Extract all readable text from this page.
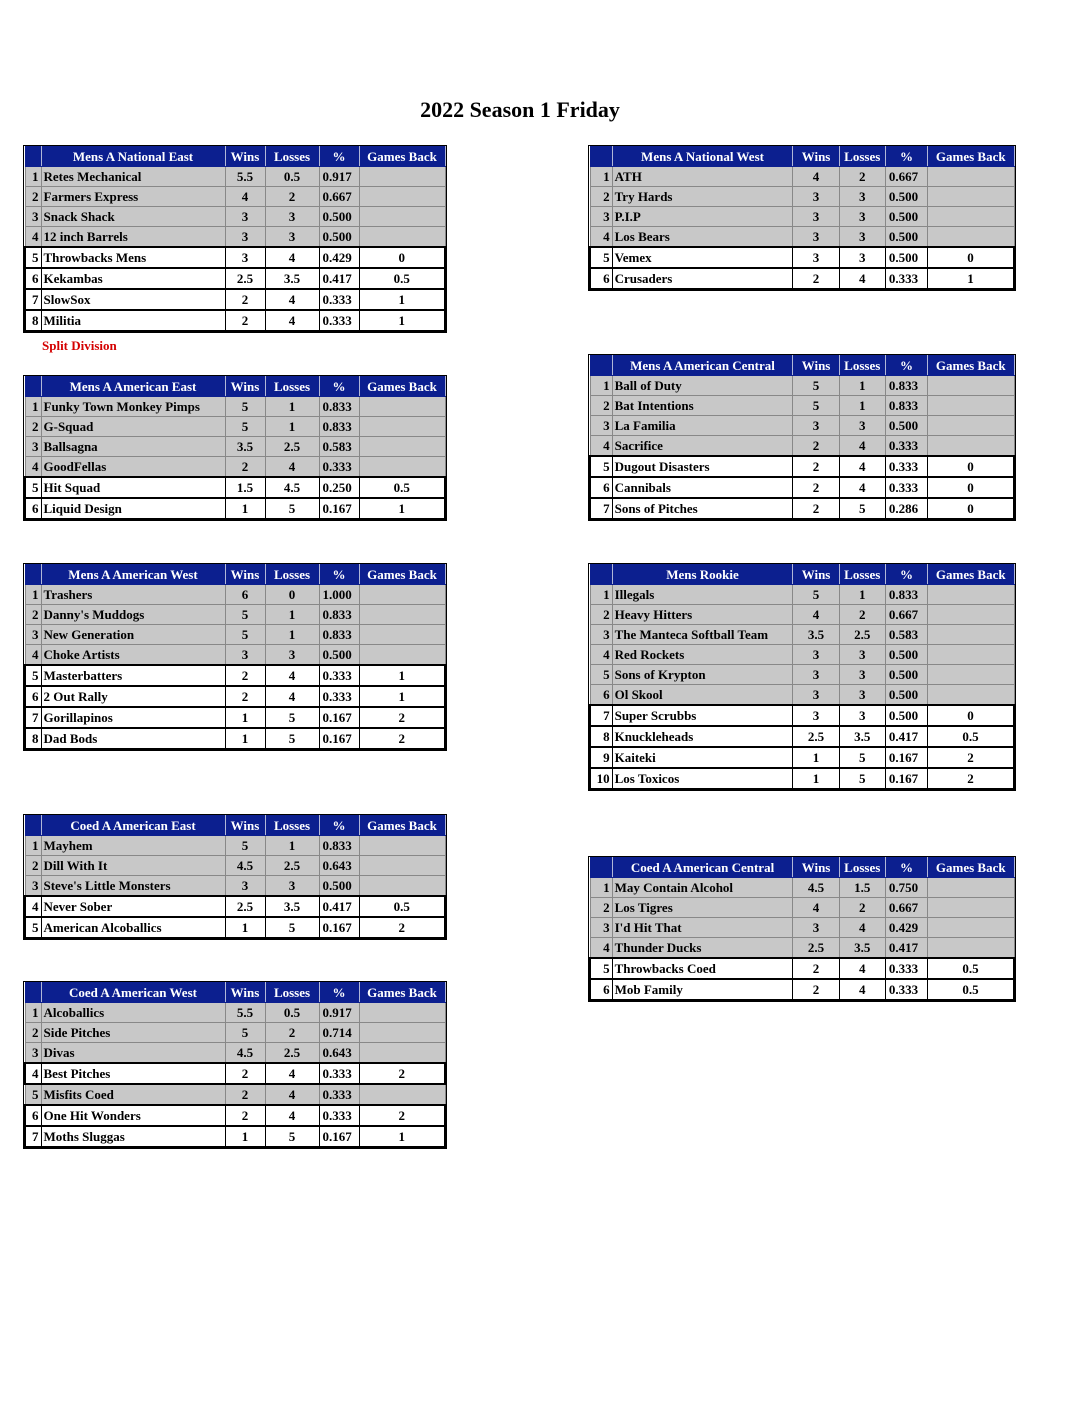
2022 Season 1 Friday
Split Division
	Mens A National East	Wins	Losses	%	Games Back
1	Retes Mechanical	5.5	0.5	0.917	
2	Farmers Express	4	2	0.667	
3	Snack Shack	3	3	0.500	
4	12 inch Barrels	3	3	0.500	
5	Throwbacks Mens	3	4	0.429	0
6	Kekambas	2.5	3.5	0.417	0.5
7	SlowSox	2	4	0.333	1
8	Militia	2	4	0.333	1
	Mens A American East	Wins	Losses	%	Games Back
1	Funky Town Monkey Pimps	5	1	0.833	
2	G-Squad	5	1	0.833	
3	Ballsagna	3.5	2.5	0.583	
4	GoodFellas	2	4	0.333	
5	Hit Squad	1.5	4.5	0.250	0.5
6	Liquid Design	1	5	0.167	1
	Mens A American West	Wins	Losses	%	Games Back
1	Trashers	6	0	1.000	
2	Danny's Muddogs	5	1	0.833	
3	New Generation	5	1	0.833	
4	Choke Artists	3	3	0.500	
5	Masterbatters	2	4	0.333	1
6	2 Out Rally	2	4	0.333	1
7	Gorillapinos	1	5	0.167	2
8	Dad Bods	1	5	0.167	2
	Coed A American East	Wins	Losses	%	Games Back
1	Mayhem	5	1	0.833	
2	Dill With It	4.5	2.5	0.643	
3	Steve's Little Monsters	3	3	0.500	
4	Never Sober	2.5	3.5	0.417	0.5
5	American Alcoballics	1	5	0.167	2
	Coed A American West	Wins	Losses	%	Games Back
1	Alcoballics	5.5	0.5	0.917	
2	Side Pitches	5	2	0.714	
3	Divas	4.5	2.5	0.643	
4	Best Pitches	2	4	0.333	2
5	Misfits Coed	2	4	0.333	
6	One Hit Wonders	2	4	0.333	2
7	Moths Sluggas	1	5	0.167	1
	Mens A National West	Wins	Losses	%	Games Back
1	ATH	4	2	0.667	
2	Try Hards	3	3	0.500	
3	P.I.P	3	3	0.500	
4	Los Bears	3	3	0.500	
5	Vemex	3	3	0.500	0
6	Crusaders	2	4	0.333	1
	Mens A American Central	Wins	Losses	%	Games Back
1	Ball of Duty	5	1	0.833	
2	Bat Intentions	5	1	0.833	
3	La Familia	3	3	0.500	
4	Sacrifice	2	4	0.333	
5	Dugout Disasters	2	4	0.333	0
6	Cannibals	2	4	0.333	0
7	Sons of Pitches	2	5	0.286	0
	Mens Rookie	Wins	Losses	%	Games Back
1	Illegals	5	1	0.833	
2	Heavy Hitters	4	2	0.667	
3	The Manteca Softball Team	3.5	2.5	0.583	
4	Red Rockets	3	3	0.500	
5	Sons of Krypton	3	3	0.500	
6	Ol Skool	3	3	0.500	
7	Super Scrubbs	3	3	0.500	0
8	Knuckleheads	2.5	3.5	0.417	0.5
9	Kaiteki	1	5	0.167	2
10	Los Toxicos	1	5	0.167	2
	Coed A American Central	Wins	Losses	%	Games Back
1	May Contain Alcohol	4.5	1.5	0.750	
2	Los Tigres	4	2	0.667	
3	I'd Hit That	3	4	0.429	
4	Thunder Ducks	2.5	3.5	0.417	
5	Throwbacks Coed	2	4	0.333	0.5
6	Mob Family	2	4	0.333	0.5
